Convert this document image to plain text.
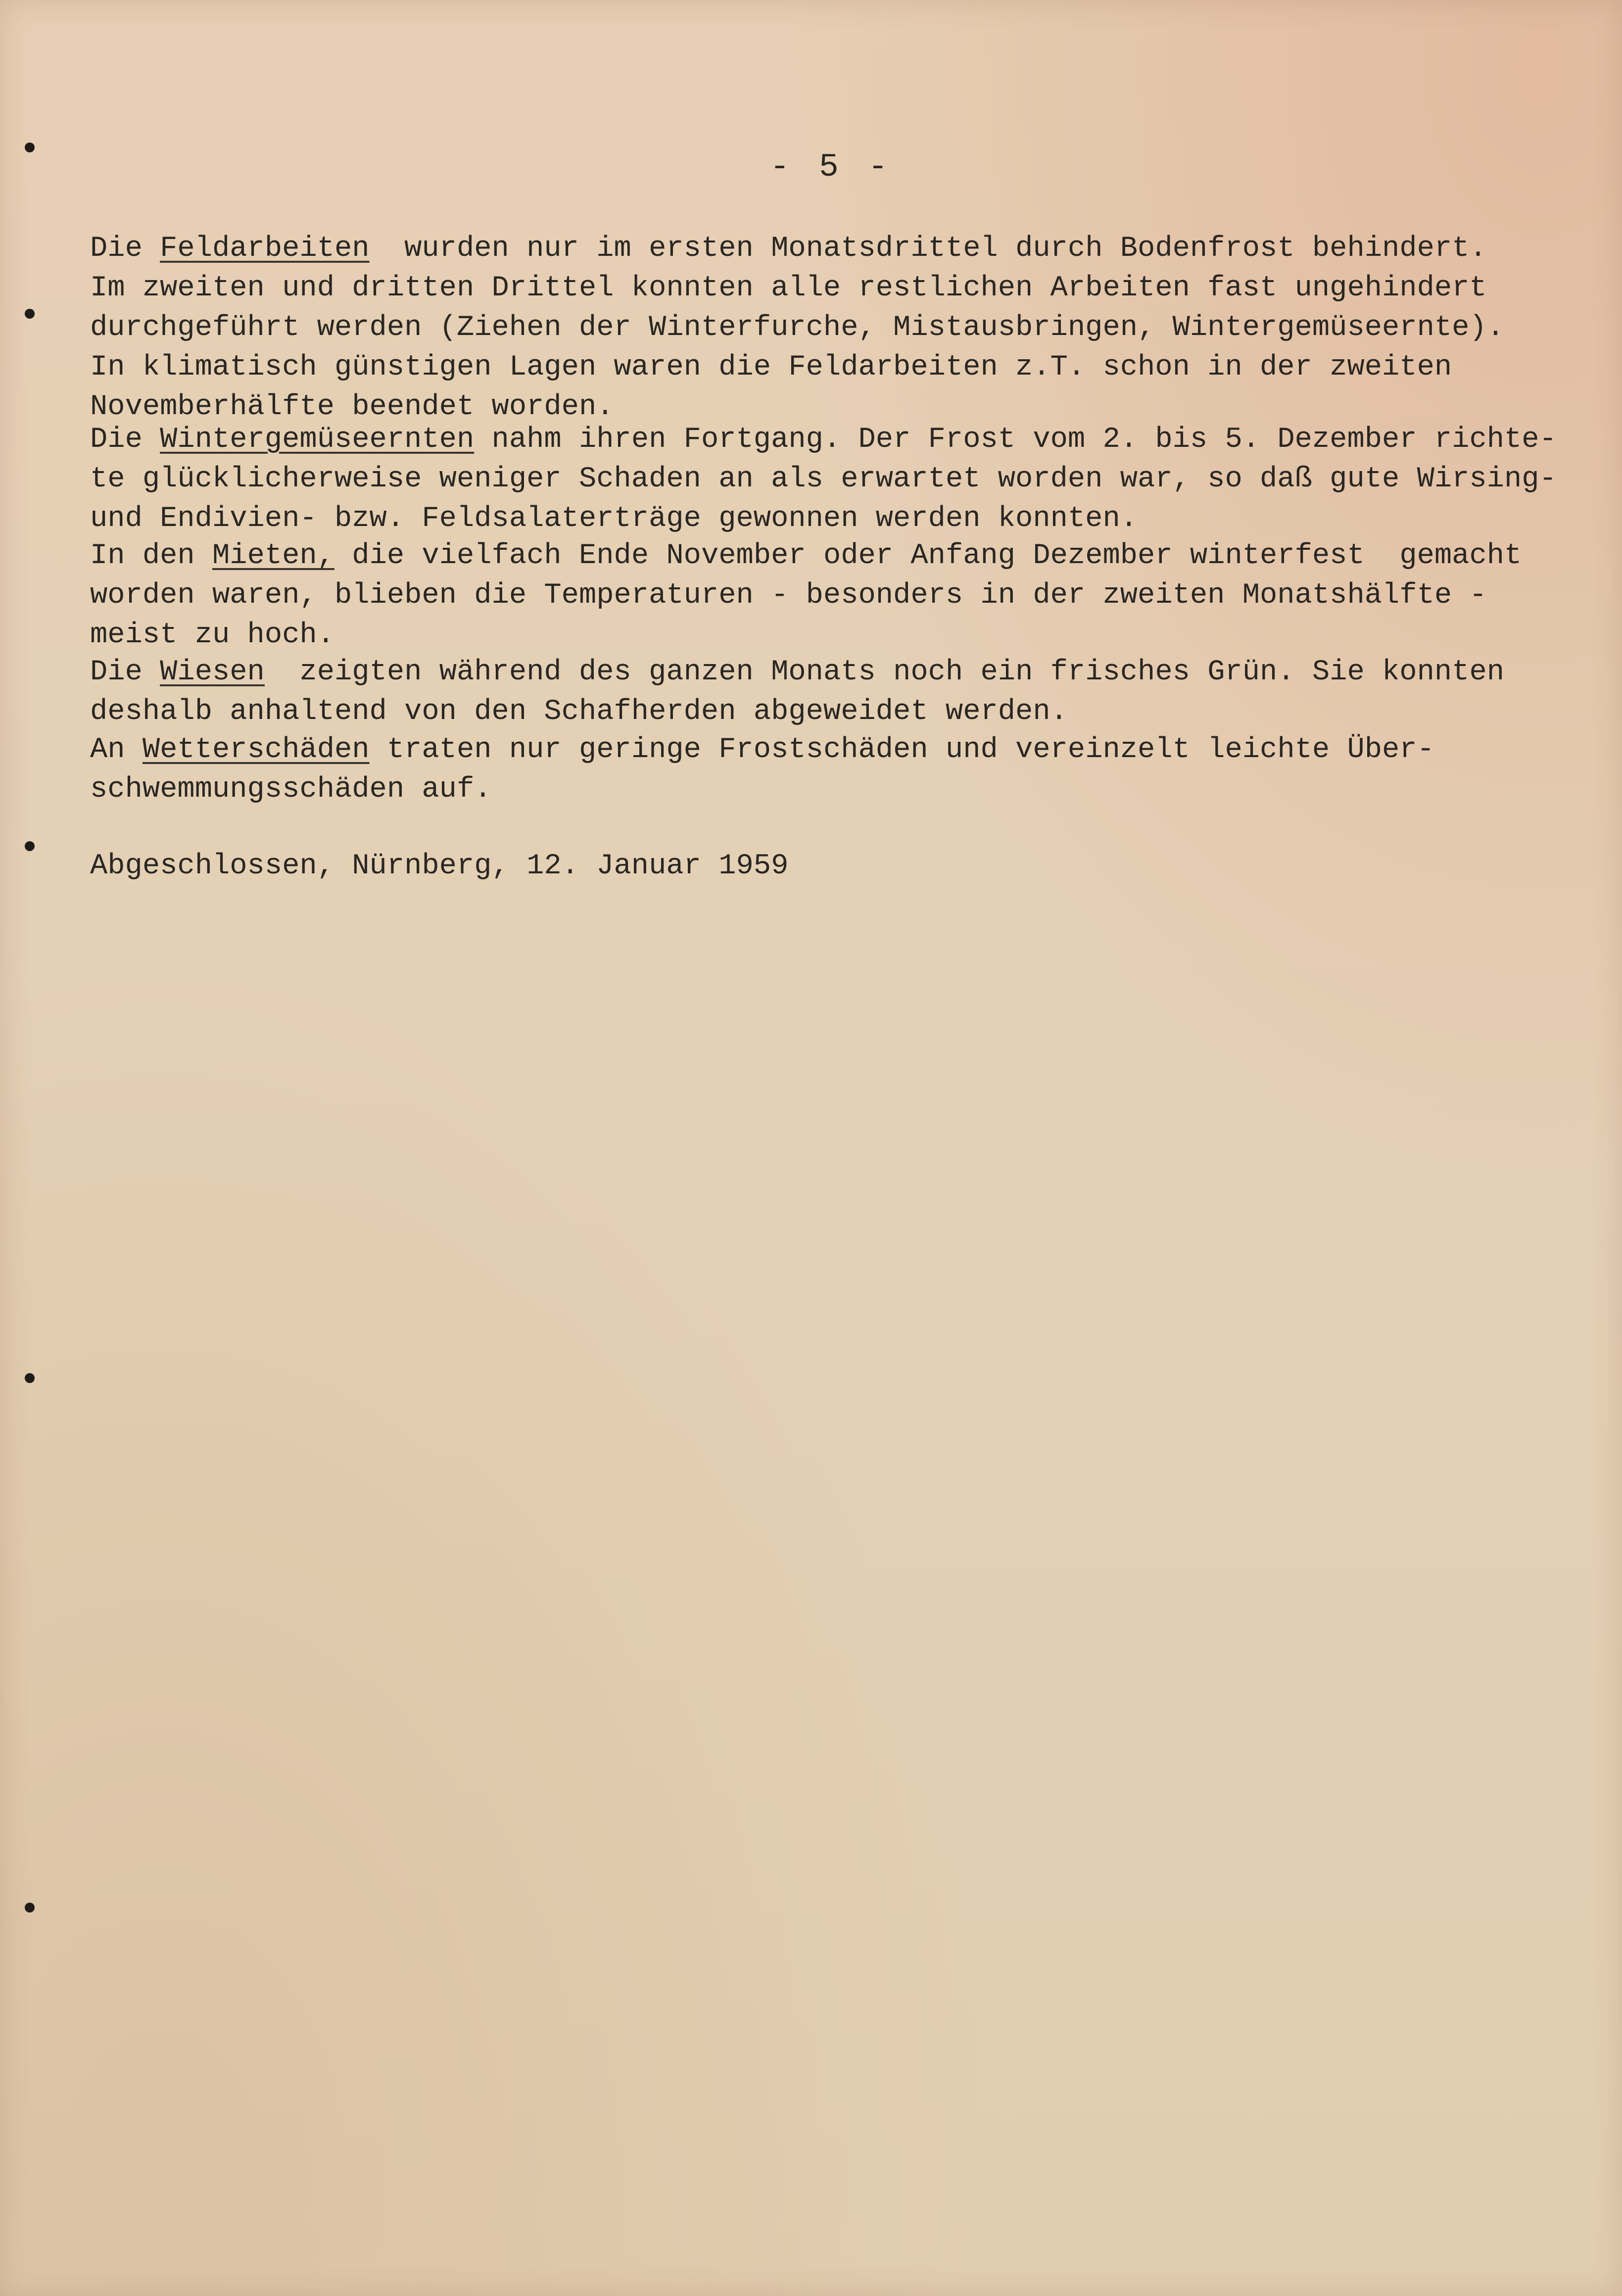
- 5 -

Die Feldarbeiten  wurden nur im ersten Monatsdrittel durch Bodenfrost behindert.
Im zweiten und dritten Drittel konnten alle restlichen Arbeiten fast ungehindert
durchgeführt werden (Ziehen der Winterfurche, Mistausbringen, Wintergemüseernte).
In klimatisch günstigen Lagen waren die Feldarbeiten z.T. schon in der zweiten
Novemberhälfte beendet worden.

Die Wintergemüseernten nahm ihren Fortgang. Der Frost vom 2. bis 5. Dezember richte-
te glücklicherweise weniger Schaden an als erwartet worden war, so daß gute Wirsing-
und Endivien- bzw. Feldsalaterträge gewonnen werden konnten.

In den Mieten, die vielfach Ende November oder Anfang Dezember winterfest  gemacht
worden waren, blieben die Temperaturen - besonders in der zweiten Monatshälfte -
meist zu hoch.

Die Wiesen  zeigten während des ganzen Monats noch ein frisches Grün. Sie konnten
deshalb anhaltend von den Schafherden abgeweidet werden.

An Wetterschäden traten nur geringe Frostschäden und vereinzelt leichte Über-
schwemmungsschäden auf.

Abgeschlossen, Nürnberg, 12. Januar 1959
